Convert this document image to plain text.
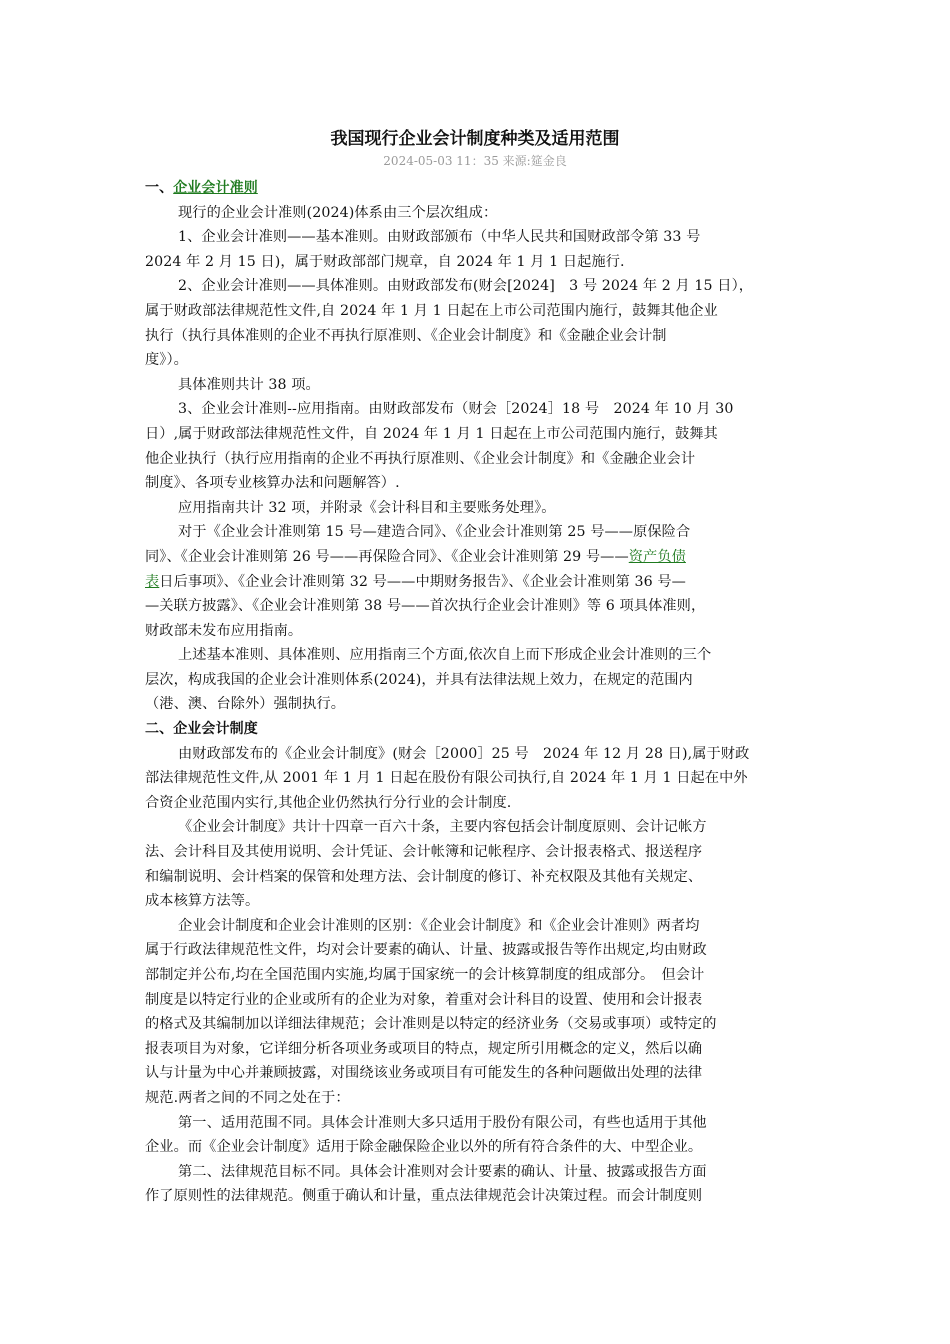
我国现行企业会计制度种类及适用范围
2024-05-03 11：35 来源:筵金良
一、企业会计准则
现行的企业会计准则(2024)体系由三个层次组成：
1、企业会计准则——基本准则。由财政部颁布（中华人民共和国财政部令第 33 号
2024 年 2 月 15 日)，属于财政部部门规章，自 2024 年 1 月 1 日起施行.
2、企业会计准则——具体准则。由财政部发布(财会[2024]　3 号 2024 年 2 月 15 日），
属于财政部法律规范性文件,自 2024 年 1 月 1 日起在上市公司范围内施行，鼓舞其他企业
执行（执行具体准则的企业不再执行原准则、《企业会计制度》和《金融企业会计制
度》）。
具体准则共计 38 项。
3、企业会计准则--应用指南。由财政部发布（财会［2024］18 号　2024 年 10 月 30
日）,属于财政部法律规范性文件，自 2024 年 1 月 1 日起在上市公司范围内施行，鼓舞其
他企业执行（执行应用指南的企业不再执行原准则、《企业会计制度》和《金融企业会计
制度》、各项专业核算办法和问题解答）.
应用指南共计 32 项，并附录《会计科目和主要账务处理》。
对于《企业会计准则第 15 号—建造合同》、《企业会计准则第 25 号——原保险合
同》、《企业会计准则第 26 号——再保险合同》、《企业会计准则第 29 号——资产负债
表日后事项》、《企业会计准则第 32 号——中期财务报告》、《企业会计准则第 36 号—
—关联方披露》、《企业会计准则第 38 号——首次执行企业会计准则》等 6 项具体准则，
财政部未发布应用指南。
上述基本准则、具体准则、应用指南三个方面,依次自上而下形成企业会计准则的三个
层次，构成我国的企业会计准则体系(2024)，并具有法律法规上效力，在规定的范围内
（港、澳、台除外）强制执行。
二、企业会计制度
由财政部发布的《企业会计制度》(财会［2000］25 号　2024 年 12 月 28 日),属于财政
部法律规范性文件,从 2001 年 1 月 1 日起在股份有限公司执行,自 2024 年 1 月 1 日起在中外
合资企业范围内实行,其他企业仍然执行分行业的会计制度.
《企业会计制度》共计十四章一百六十条，主要内容包括会计制度原则、会计记帐方
法、会计科目及其使用说明、会计凭证、会计帐簿和记帐程序、会计报表格式、报送程序
和编制说明、会计档案的保管和处理方法、会计制度的修订、补充权限及其他有关规定、
成本核算方法等。
企业会计制度和企业会计准则的区别：《企业会计制度》和《企业会计准则》两者均
属于行政法律规范性文件，均对会计要素的确认、计量、披露或报告等作出规定,均由财政
部制定并公布,均在全国范围内实施,均属于国家统一的会计核算制度的组成部分。　但会计
制度是以特定行业的企业或所有的企业为对象，着重对会计科目的设置、使用和会计报表
的格式及其编制加以详细法律规范；会计准则是以特定的经济业务（交易或事项）或特定的
报表项目为对象，它详细分析各项业务或项目的特点，规定所引用概念的定义，然后以确
认与计量为中心并兼顾披露，对围绕该业务或项目有可能发生的各种问题做出处理的法律
规范.两者之间的不同之处在于：
第一、适用范围不同。具体会计准则大多只适用于股份有限公司，有些也适用于其他
企业。而《企业会计制度》适用于除金融保险企业以外的所有符合条件的大、中型企业。
第二、法律规范目标不同。具体会计准则对会计要素的确认、计量、披露或报告方面
作了原则性的法律规范。侧重于确认和计量，重点法律规范会计决策过程。而会计制度则
